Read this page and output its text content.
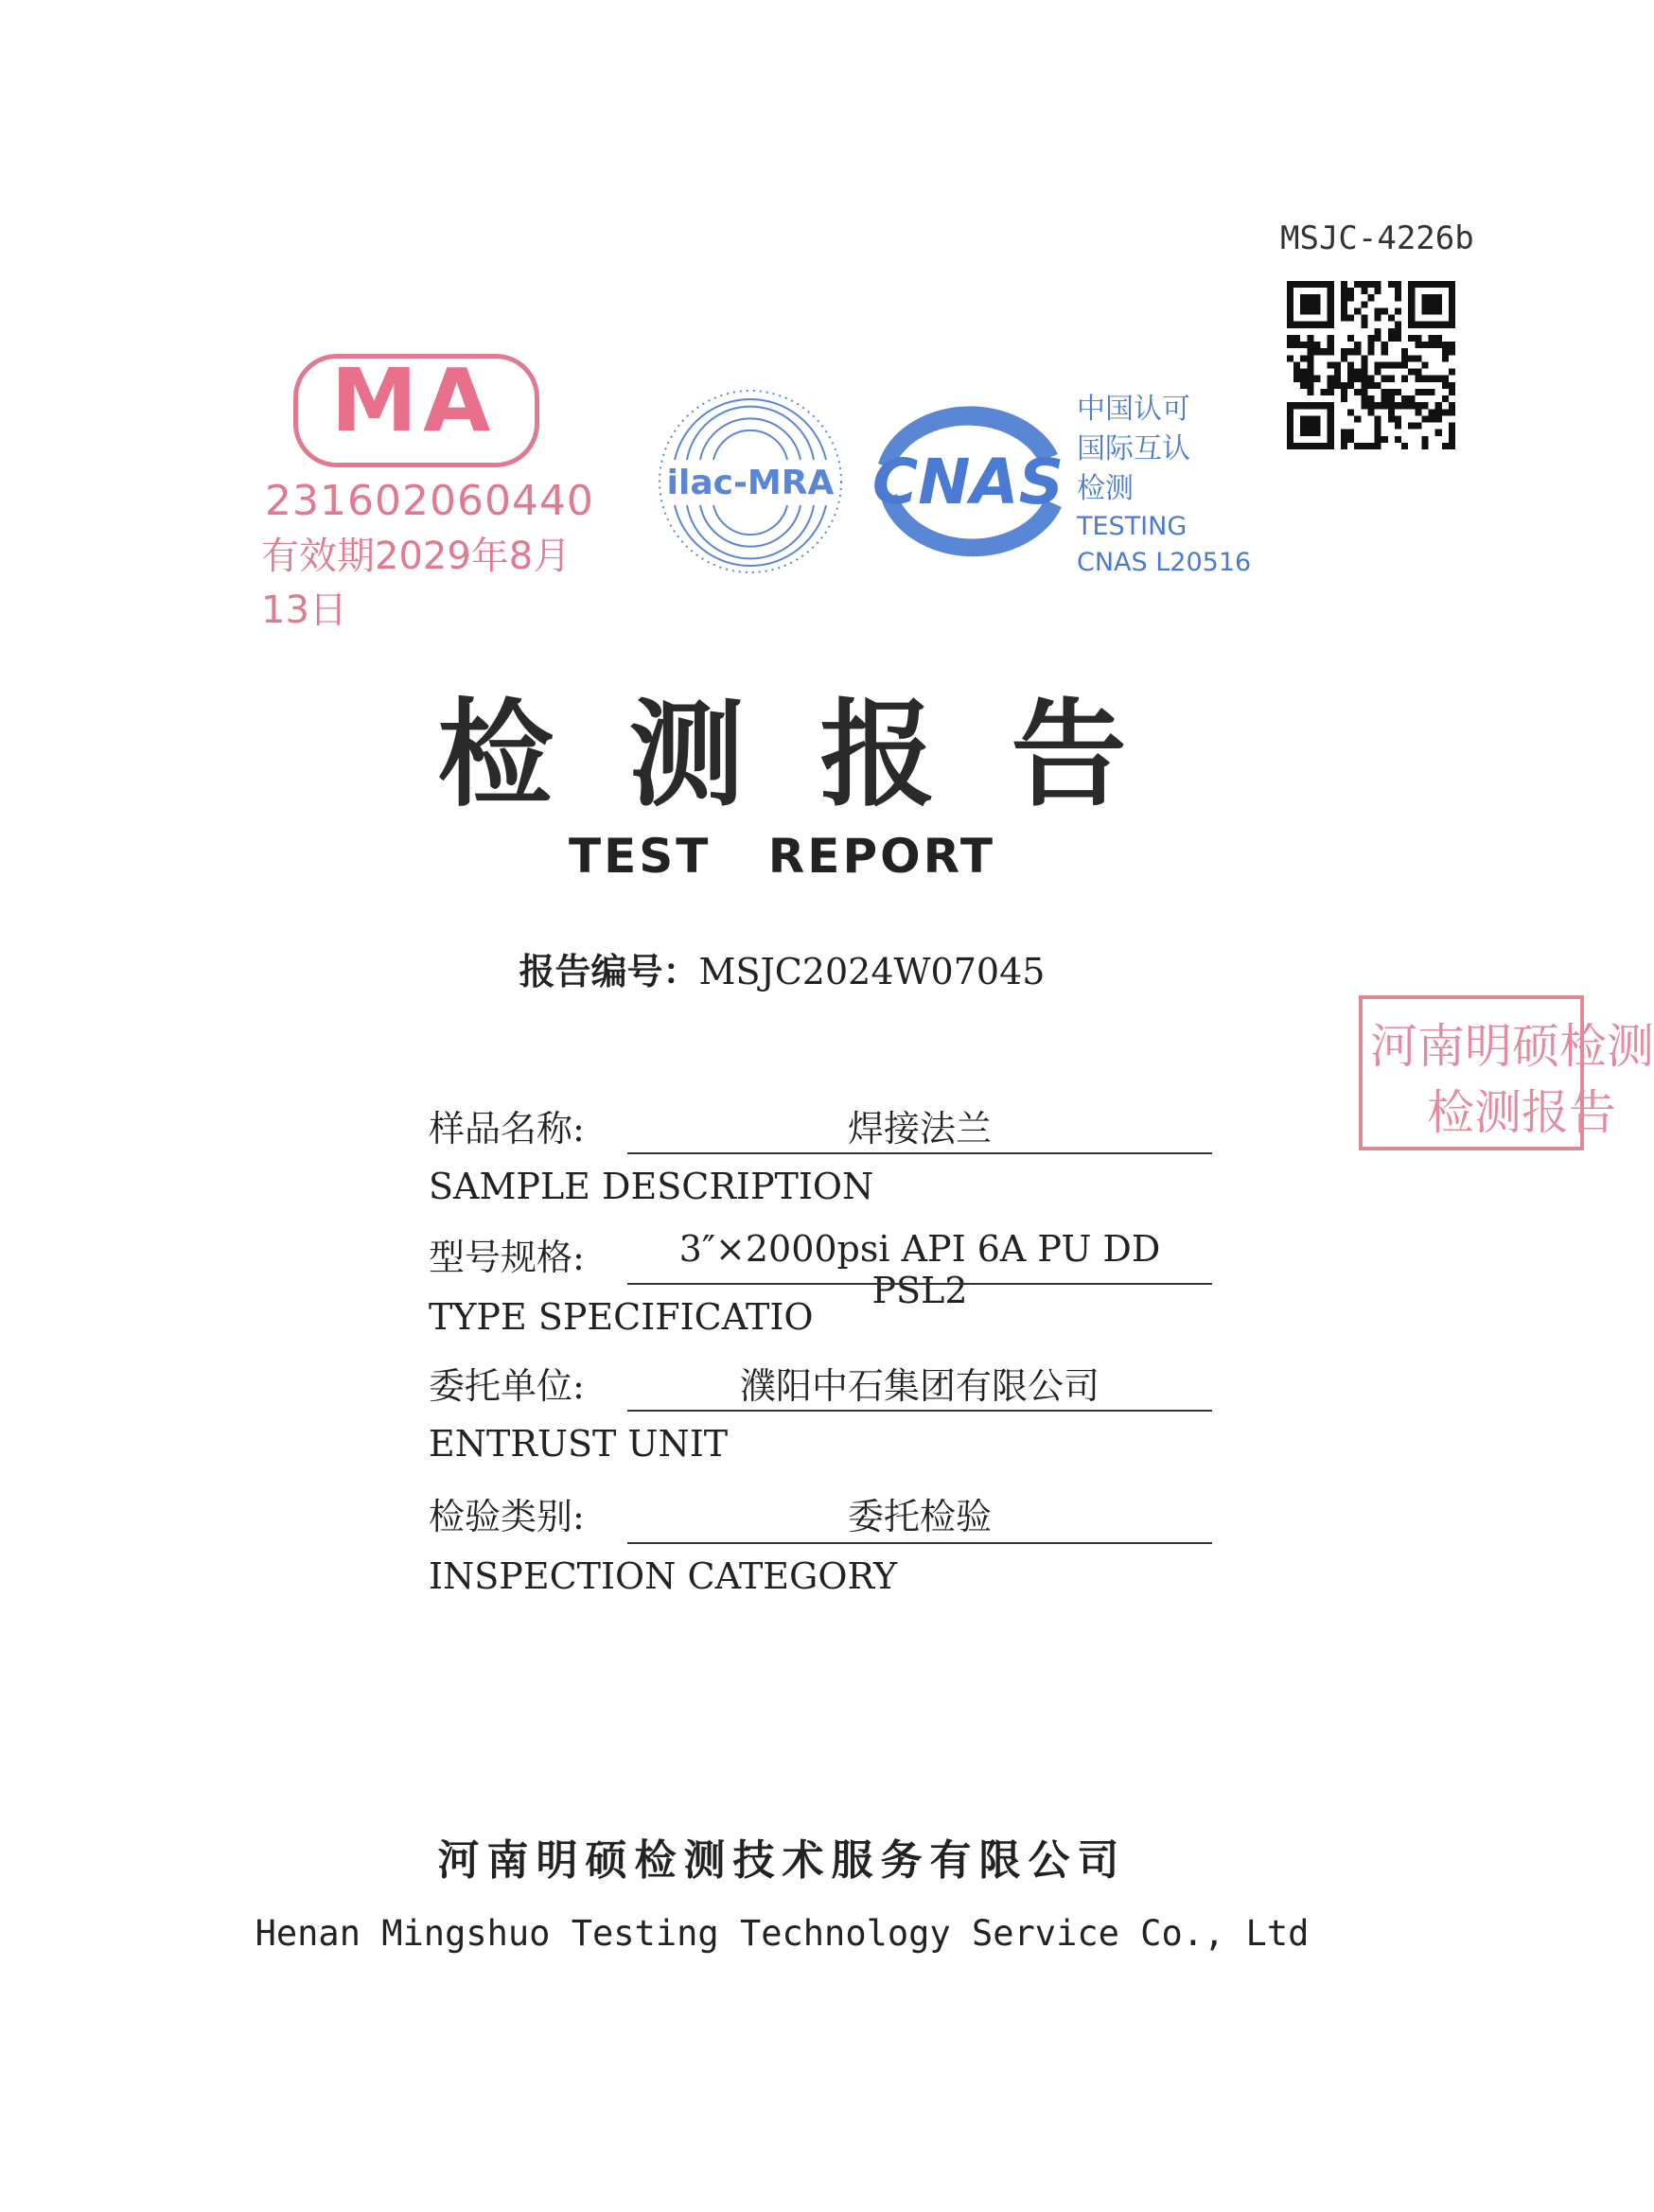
MSJC-4226b
MA
231602060440
有效期2029年8月13日
ilac-MRA CNAS
中国认可
国际互认
检测
TESTING
CNAS L20516
检测报告
TEST REPORT
报告编号：MSJC2024W07045
河南明硕检测
检测报告
样品名称:	焊接法兰
SAMPLE DESCRIPTION
型号规格:	3″×2000psi API 6A PU DD PSL2
TYPE SPECIFICATIO
委托单位:	濮阳中石集团有限公司
ENTRUST UNIT
检验类别:	委托检验
INSPECTION CATEGORY
河南明硕检测技术服务有限公司
Henan Mingshuo Testing Technology Service Co., Ltd
